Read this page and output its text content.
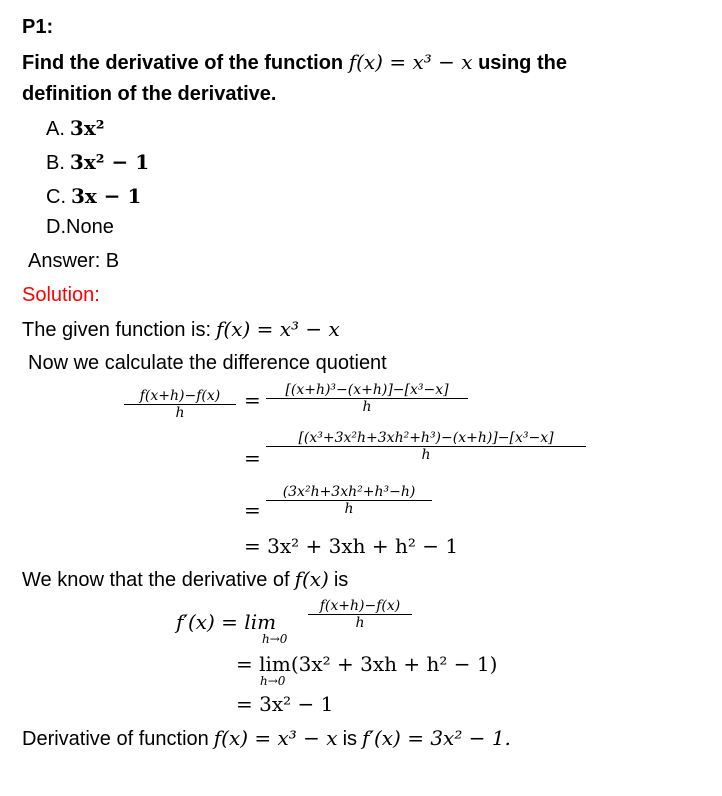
P1:
Find the derivative of the function f(x) = x³ − x using the
definition of the derivative.
A. 3x²
B. 3x² − 1
C. 3x − 1
D.None
Answer: B
Solution:
The given function is: f(x) = x³ − x
Now we calculate the difference quotient
f(x+h)−f(x)
h
=	[(x+h)³−(x+h)]−[x³−x]
h
=
[(x³+3x²h+3xh²+h³)−(x+h)]−[x³−x]
h
=
(3x²h+3xh²+h³−h)
h
= 3x² + 3xh + h² − 1
We know that the derivative of f(x) is
f′(x) = lim
h→0
f(x+h)−f(x)
h
= lim(3x² + 3xh + h² − 1)
h→0
= 3x² − 1
Derivative of function f(x) = x³ − x is f′(x) = 3x² − 1.
